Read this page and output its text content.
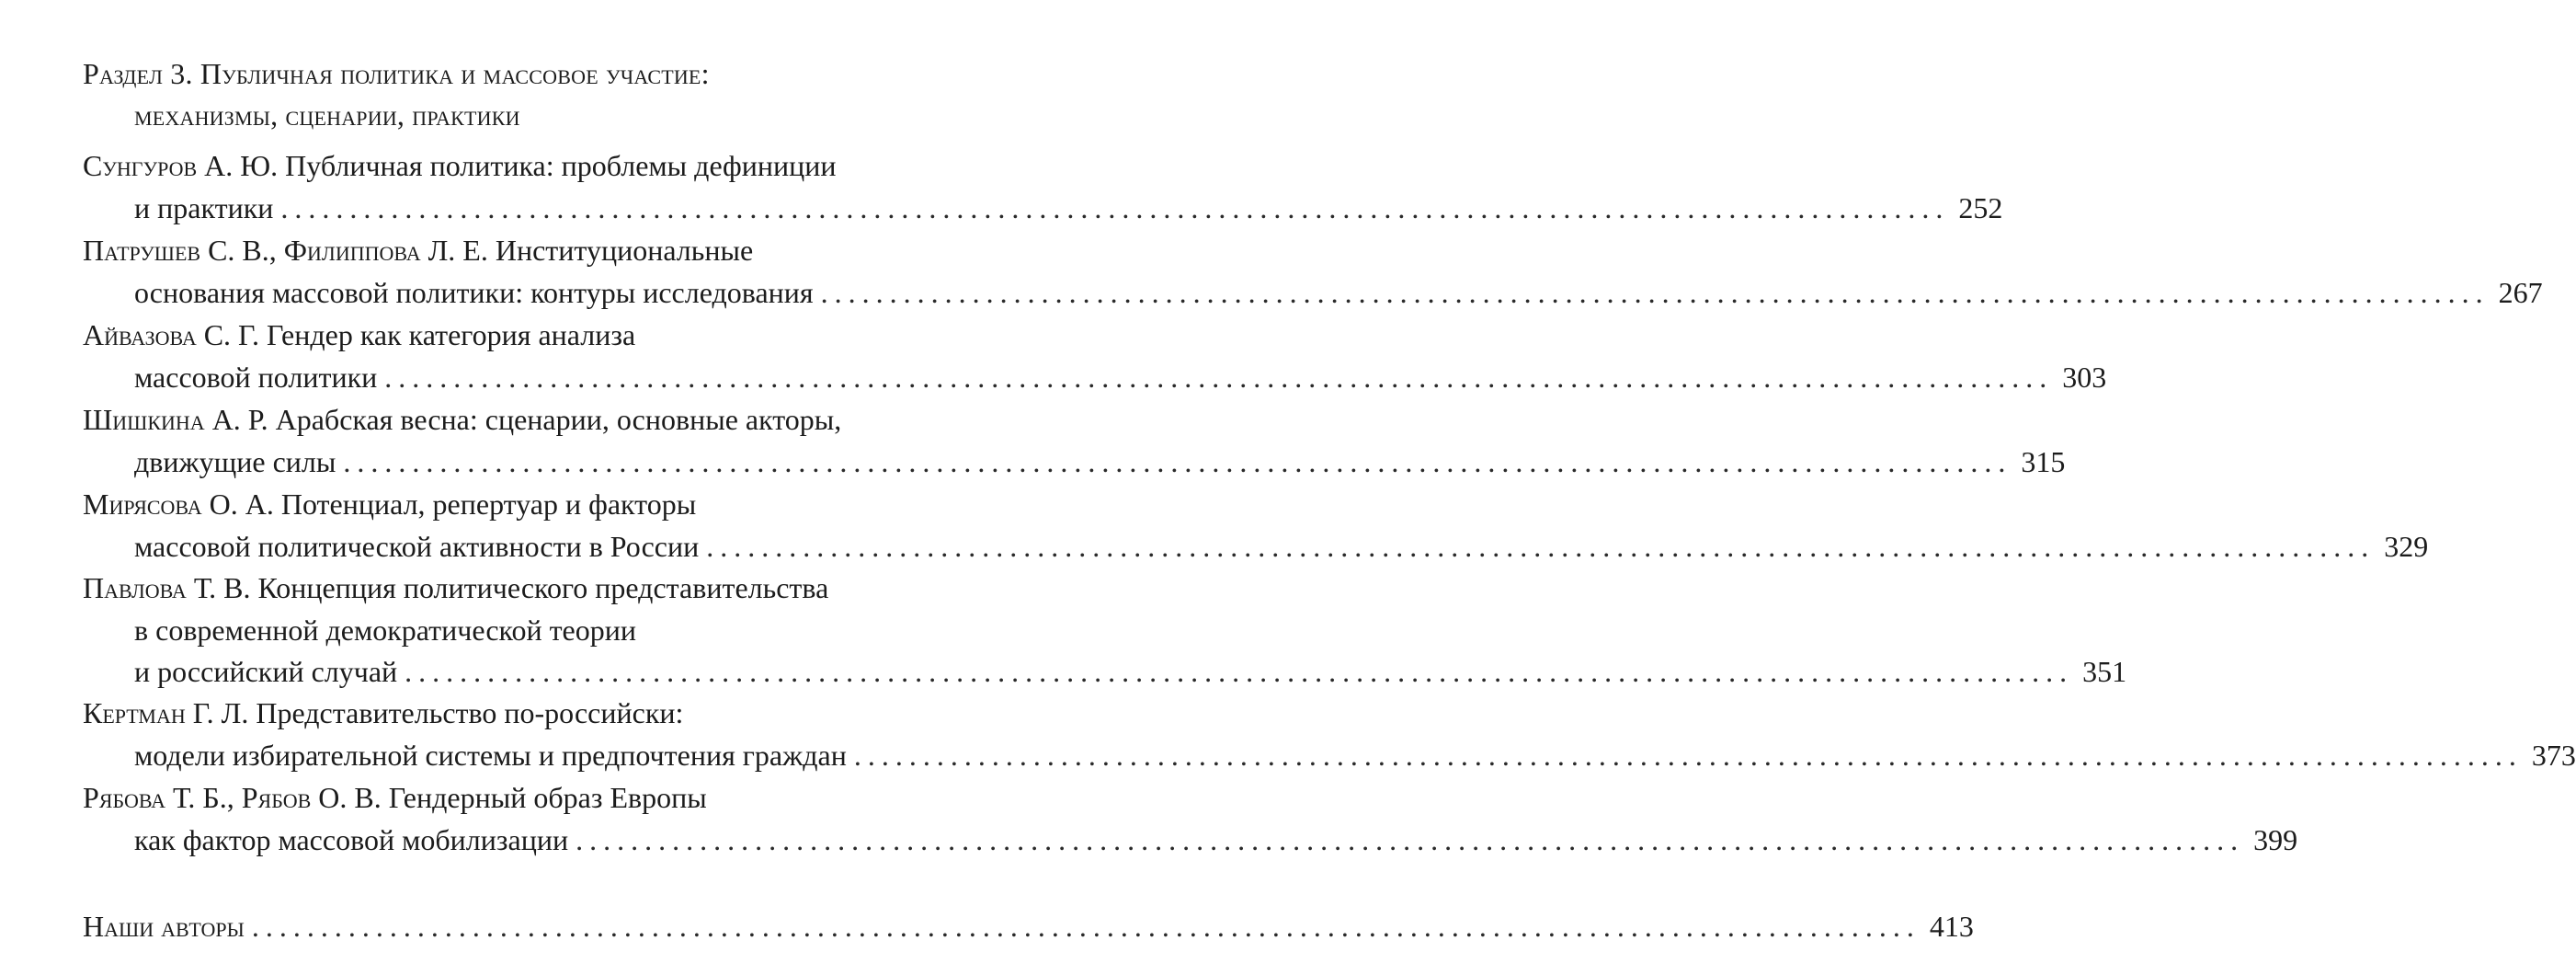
Раздел 3. Публичная политика и массовое участие:
механизмы, сценарии, практики
Сунгуров А. Ю. Публичная политика: проблемы дефиниции
и практики ......................................................................................................................... 252
Патрушев С. В., Филиппова Л. Е. Институциональные
основания массовой политики: контуры исследования ......................................................................................................................... 267
Айвазова С. Г. Гендер как категория анализа
массовой политики ......................................................................................................................... 303
Шишкина А. Р. Арабская весна: сценарии, основные акторы,
движущие силы ......................................................................................................................... 315
Мирясова О. А. Потенциал, репертуар и факторы
массовой политической активности в России ......................................................................................................................... 329
Павлова Т. В. Концепция политического представительства
в современной демократической теории
и российский случай ......................................................................................................................... 351
Кертман Г. Л. Представительство по-российски:
модели избирательной системы и предпочтения граждан ......................................................................................................................... 373
Рябова Т. Б., Рябов О. В. Гендерный образ Европы
как фактор массовой мобилизации ......................................................................................................................... 399
Наши авторы ......................................................................................................................... 413
